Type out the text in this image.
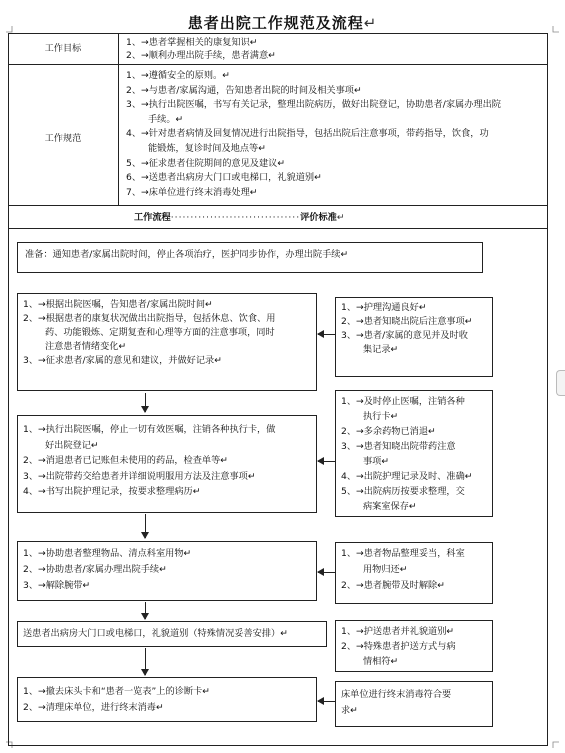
患者出院工作规范及流程↵
工作目标
1、→患者掌握相关的康复知识↵
2、→顺利办理出院手续，患者满意↵
工作规范
1、→遵循安全的原则。↵
2、→与患者/家属沟通，告知患者出院的时间及相关事项↵
3、→执行出院医嘱，书写有关记录，整理出院病历，做好出院登记，协助患者/家属办理出院
手续。↵
4、→针对患者病情及回复情况进行出院指导，包括出院后注意事项，带药指导，饮食，功
能锻炼，复诊时间及地点等↵
5、→征求患者住院期间的意见及建议↵
6、→送患者出病房大门口或电梯口，礼貌道别↵
7、→床单位进行终末消毒处理↵
工作流程·································评价标准↵
准备：通知患者/家属出院时间，停止各项治疗，医护同步协作，办理出院手续↵
1、→根据出院医嘱，告知患者/家属出院时间↵
2、→根据患者的康复状况做出出院指导，包括休息、饮食、用
药、功能锻炼、定期复查和心理等方面的注意事项，同时
注意患者情绪变化↵
3、→征求患者/家属的意见和建议，并做好记录↵
1、→护理沟通良好↵
2、→患者知晓出院后注意事项↵
3、→患者/家属的意见并及时收
集记录↵
1、→执行出院医嘱，停止一切有效医嘱，注销各种执行卡，做
好出院登记↵
2、→消退患者已记账但未使用的药品，检查单等↵
3、→出院带药交给患者并详细说明服用方法及注意事项↵
4、→书写出院护理记录，按要求整理病历↵
1、→及时停止医嘱，注销各种
执行卡↵
2、→多余药物已消退↵
3、→患者知晓出院带药注意
事项↵
4、→出院护理记录及时、准确↵
5、→出院病历按要求整理，交
病案室保存↵
1、→协助患者整理物品、清点科室用物↵
2、→协助患者/家属办理出院手续↵
3、→解除腕带↵
1、→患者物品整理妥当，科室
用物归还↵
2、→患者腕带及时解除↵
送患者出病房大门口或电梯口，礼貌道别（特殊情况妥善安排）↵	1、→护送患者并礼貌道别↵
2、→特殊患者护送方式与病
情相符↵
1、→撤去床头卡和“患者一览表”上的诊断卡↵
2、→清理床单位，进行终末消毒↵
床单位进行终末消毒符合要
求↵
